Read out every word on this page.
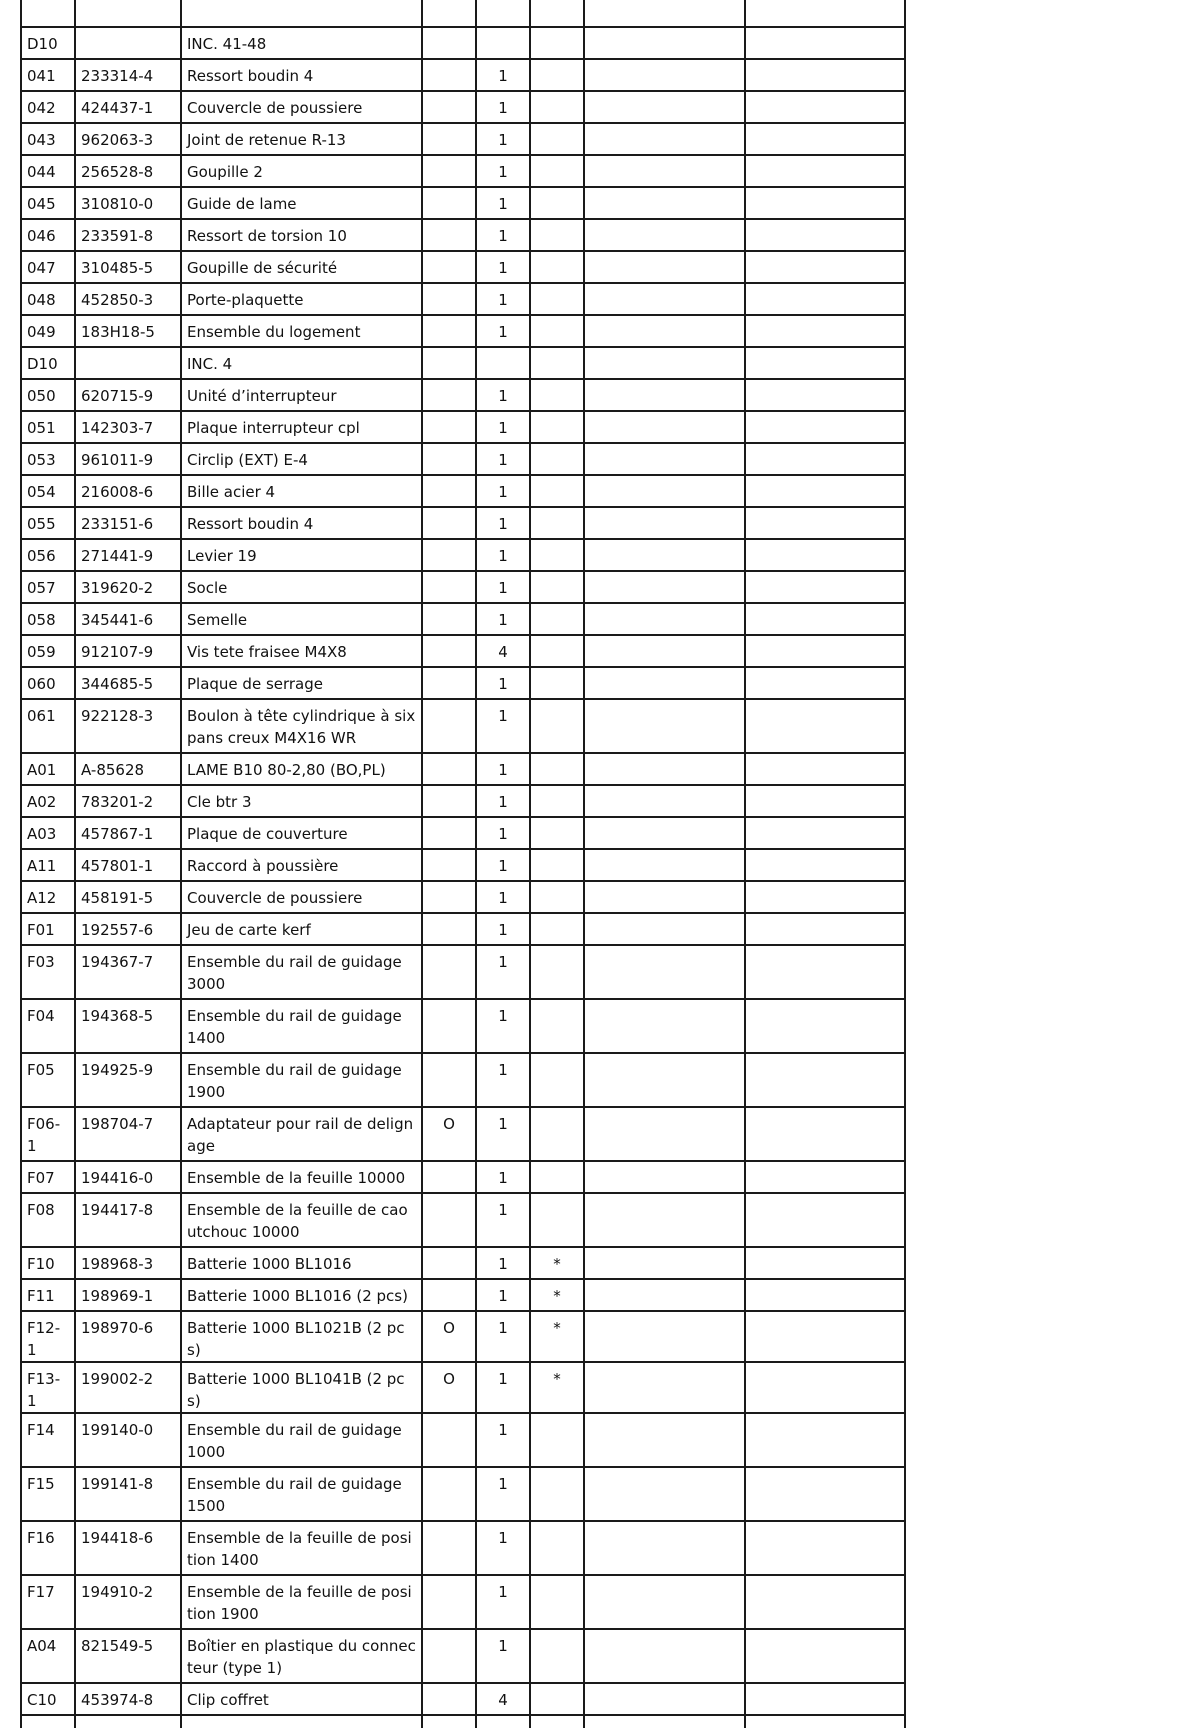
D10		INC. 41-48					
041	233314-4	Ressort boudin 4		1			
042	424437-1	Couvercle de poussiere		1			
043	962063-3	Joint de retenue R-13		1			
044	256528-8	Goupille 2		1			
045	310810-0	Guide de lame		1			
046	233591-8	Ressort de torsion 10		1			
047	310485-5	Goupille de sécurité		1			
048	452850-3	Porte-plaquette		1			
049	183H18-5	Ensemble du logement		1			
D10		INC. 4					
050	620715-9	Unité d’interrupteur		1			
051	142303-7	Plaque interrupteur cpl		1			
053	961011-9	Circlip (EXT) E-4		1			
054	216008-6	Bille acier 4		1			
055	233151-6	Ressort boudin 4		1			
056	271441-9	Levier 19		1			
057	319620-2	Socle		1			
058	345441-6	Semelle		1			
059	912107-9	Vis tete fraisee M4X8		4			
060	344685-5	Plaque de serrage		1			
061	922128-3	Boulon à tête cylindrique à six pans creux M4X16 WR		1			
A01	A-85628	LAME B10 80-2,80 (BO,PL)		1			
A02	783201-2	Cle btr 3		1			
A03	457867-1	Plaque de couverture		1			
A11	457801-1	Raccord à poussière		1			
A12	458191-5	Couvercle de poussiere		1			
F01	192557-6	Jeu de carte kerf		1			
F03	194367-7	Ensemble du rail de guidage 3000		1			
F04	194368-5	Ensemble du rail de guidage 1400		1			
F05	194925-9	Ensemble du rail de guidage 1900		1			
F06-1	198704-7	Adaptateur pour rail de delignage	O	1			
F07	194416-0	Ensemble de la feuille 10000		1			
F08	194417-8	Ensemble de la feuille de caoutchouc 10000		1			
F10	198968-3	Batterie 1000 BL1016		1	*		
F11	198969-1	Batterie 1000 BL1016 (2 pcs)		1	*		
F12-1	198970-6	Batterie 1000 BL1021B (2 pcs)	O	1	*		
F13-1	199002-2	Batterie 1000 BL1041B (2 pcs)	O	1	*		
F14	199140-0	Ensemble du rail de guidage 1000		1			
F15	199141-8	Ensemble du rail de guidage 1500		1			
F16	194418-6	Ensemble de la feuille de position 1400		1			
F17	194910-2	Ensemble de la feuille de position 1900		1			
A04	821549-5	Boîtier en plastique du connecteur (type 1)		1			
C10	453974-8	Clip coffret		4			
